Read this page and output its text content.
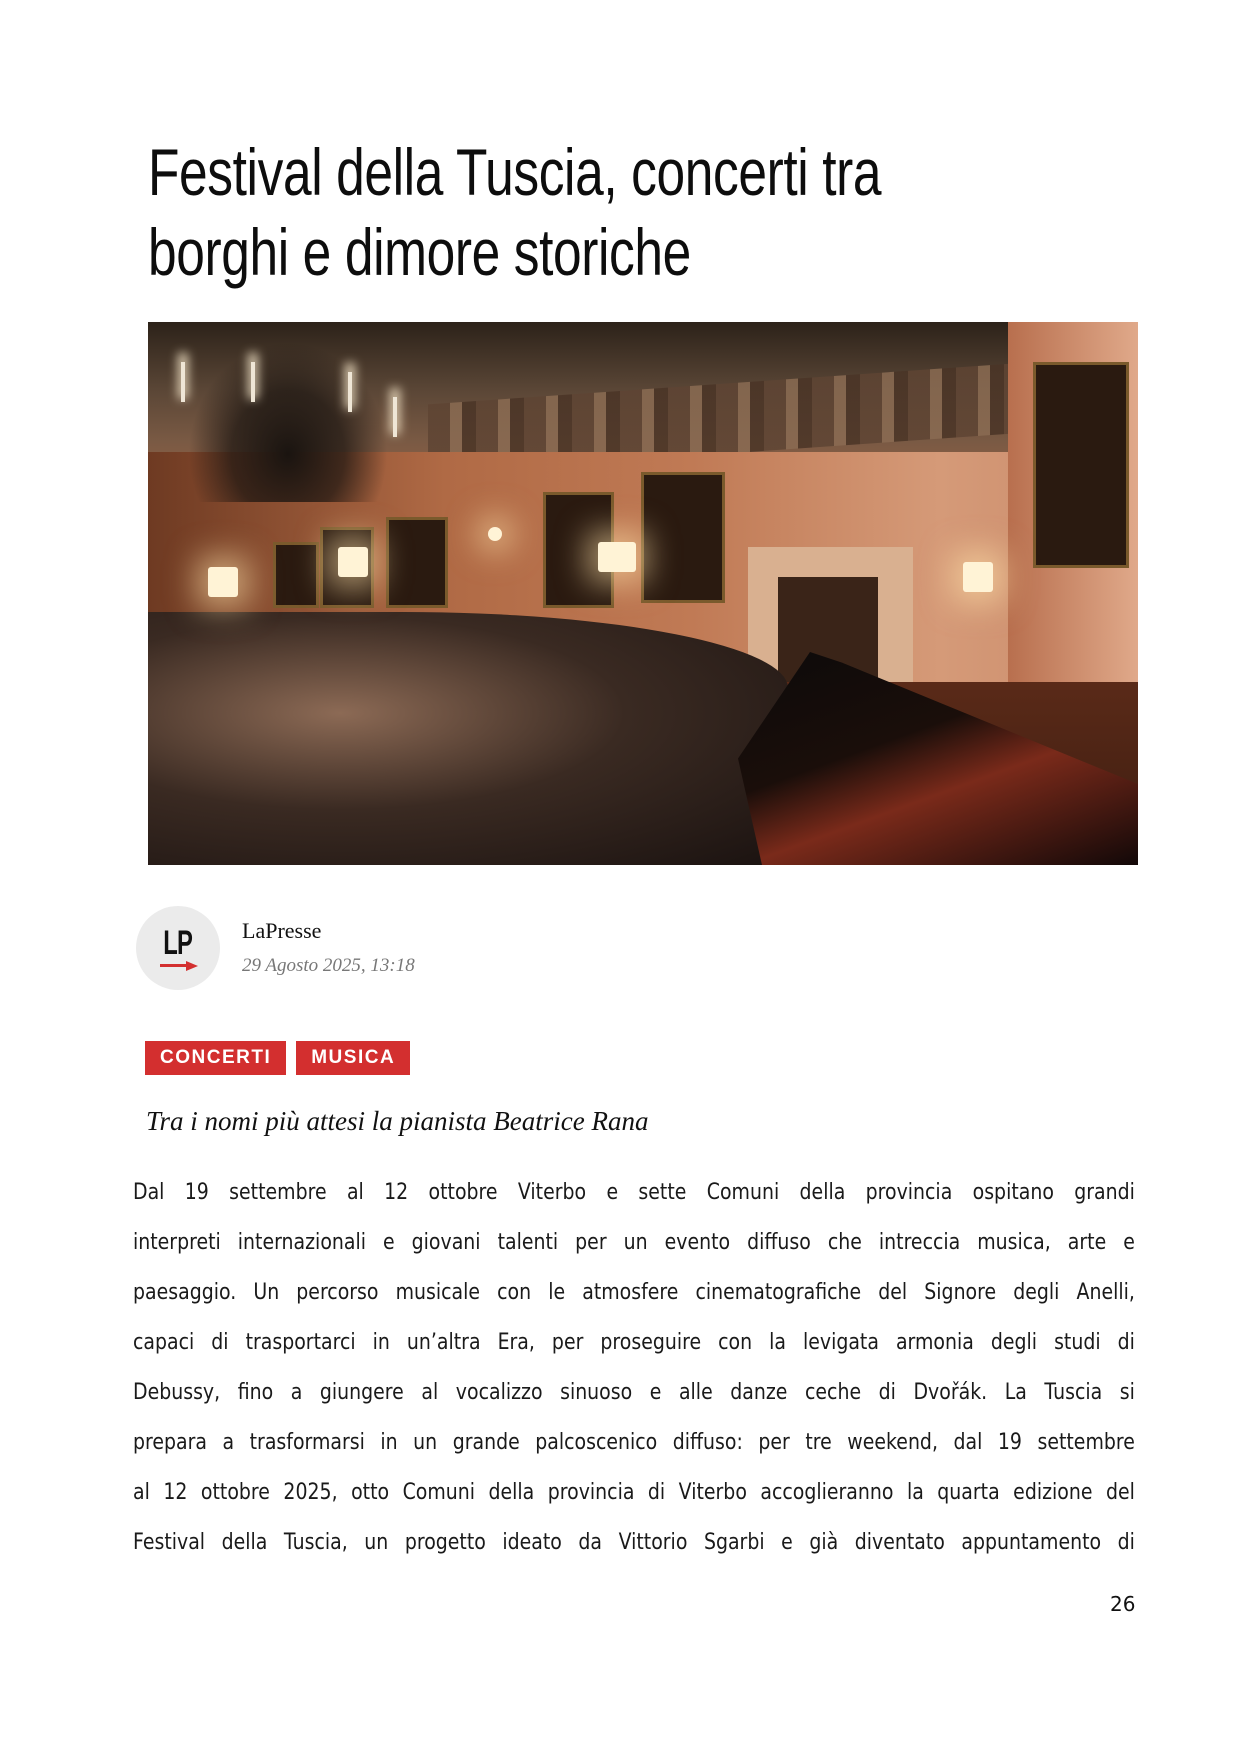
Festival della Tuscia, concerti tra
borghi e dimore storiche
LP LaPresse
29 Agosto 2025, 13:18
CONCERTI	MUSICA
Tra i nomi più attesi la pianista Beatrice Rana
Dal 19 settembre al 12 ottobre Viterbo e sette Comuni della provincia ospitano grandi
interpreti internazionali e giovani talenti per un evento diffuso che intreccia musica, arte e
paesaggio. Un percorso musicale con le atmosfere cinematografiche del Signore degli Anelli,
capaci di trasportarci in un’altra Era, per proseguire con la levigata armonia degli studi di
Debussy, fino a giungere al vocalizzo sinuoso e alle danze ceche di Dvořák. La Tuscia si
prepara a trasformarsi in un grande palcoscenico diffuso: per tre weekend, dal 19 settembre
al 12 ottobre 2025, otto Comuni della provincia di Viterbo accoglieranno la quarta edizione del
Festival della Tuscia, un progetto ideato da Vittorio Sgarbi e già diventato appuntamento di
26
